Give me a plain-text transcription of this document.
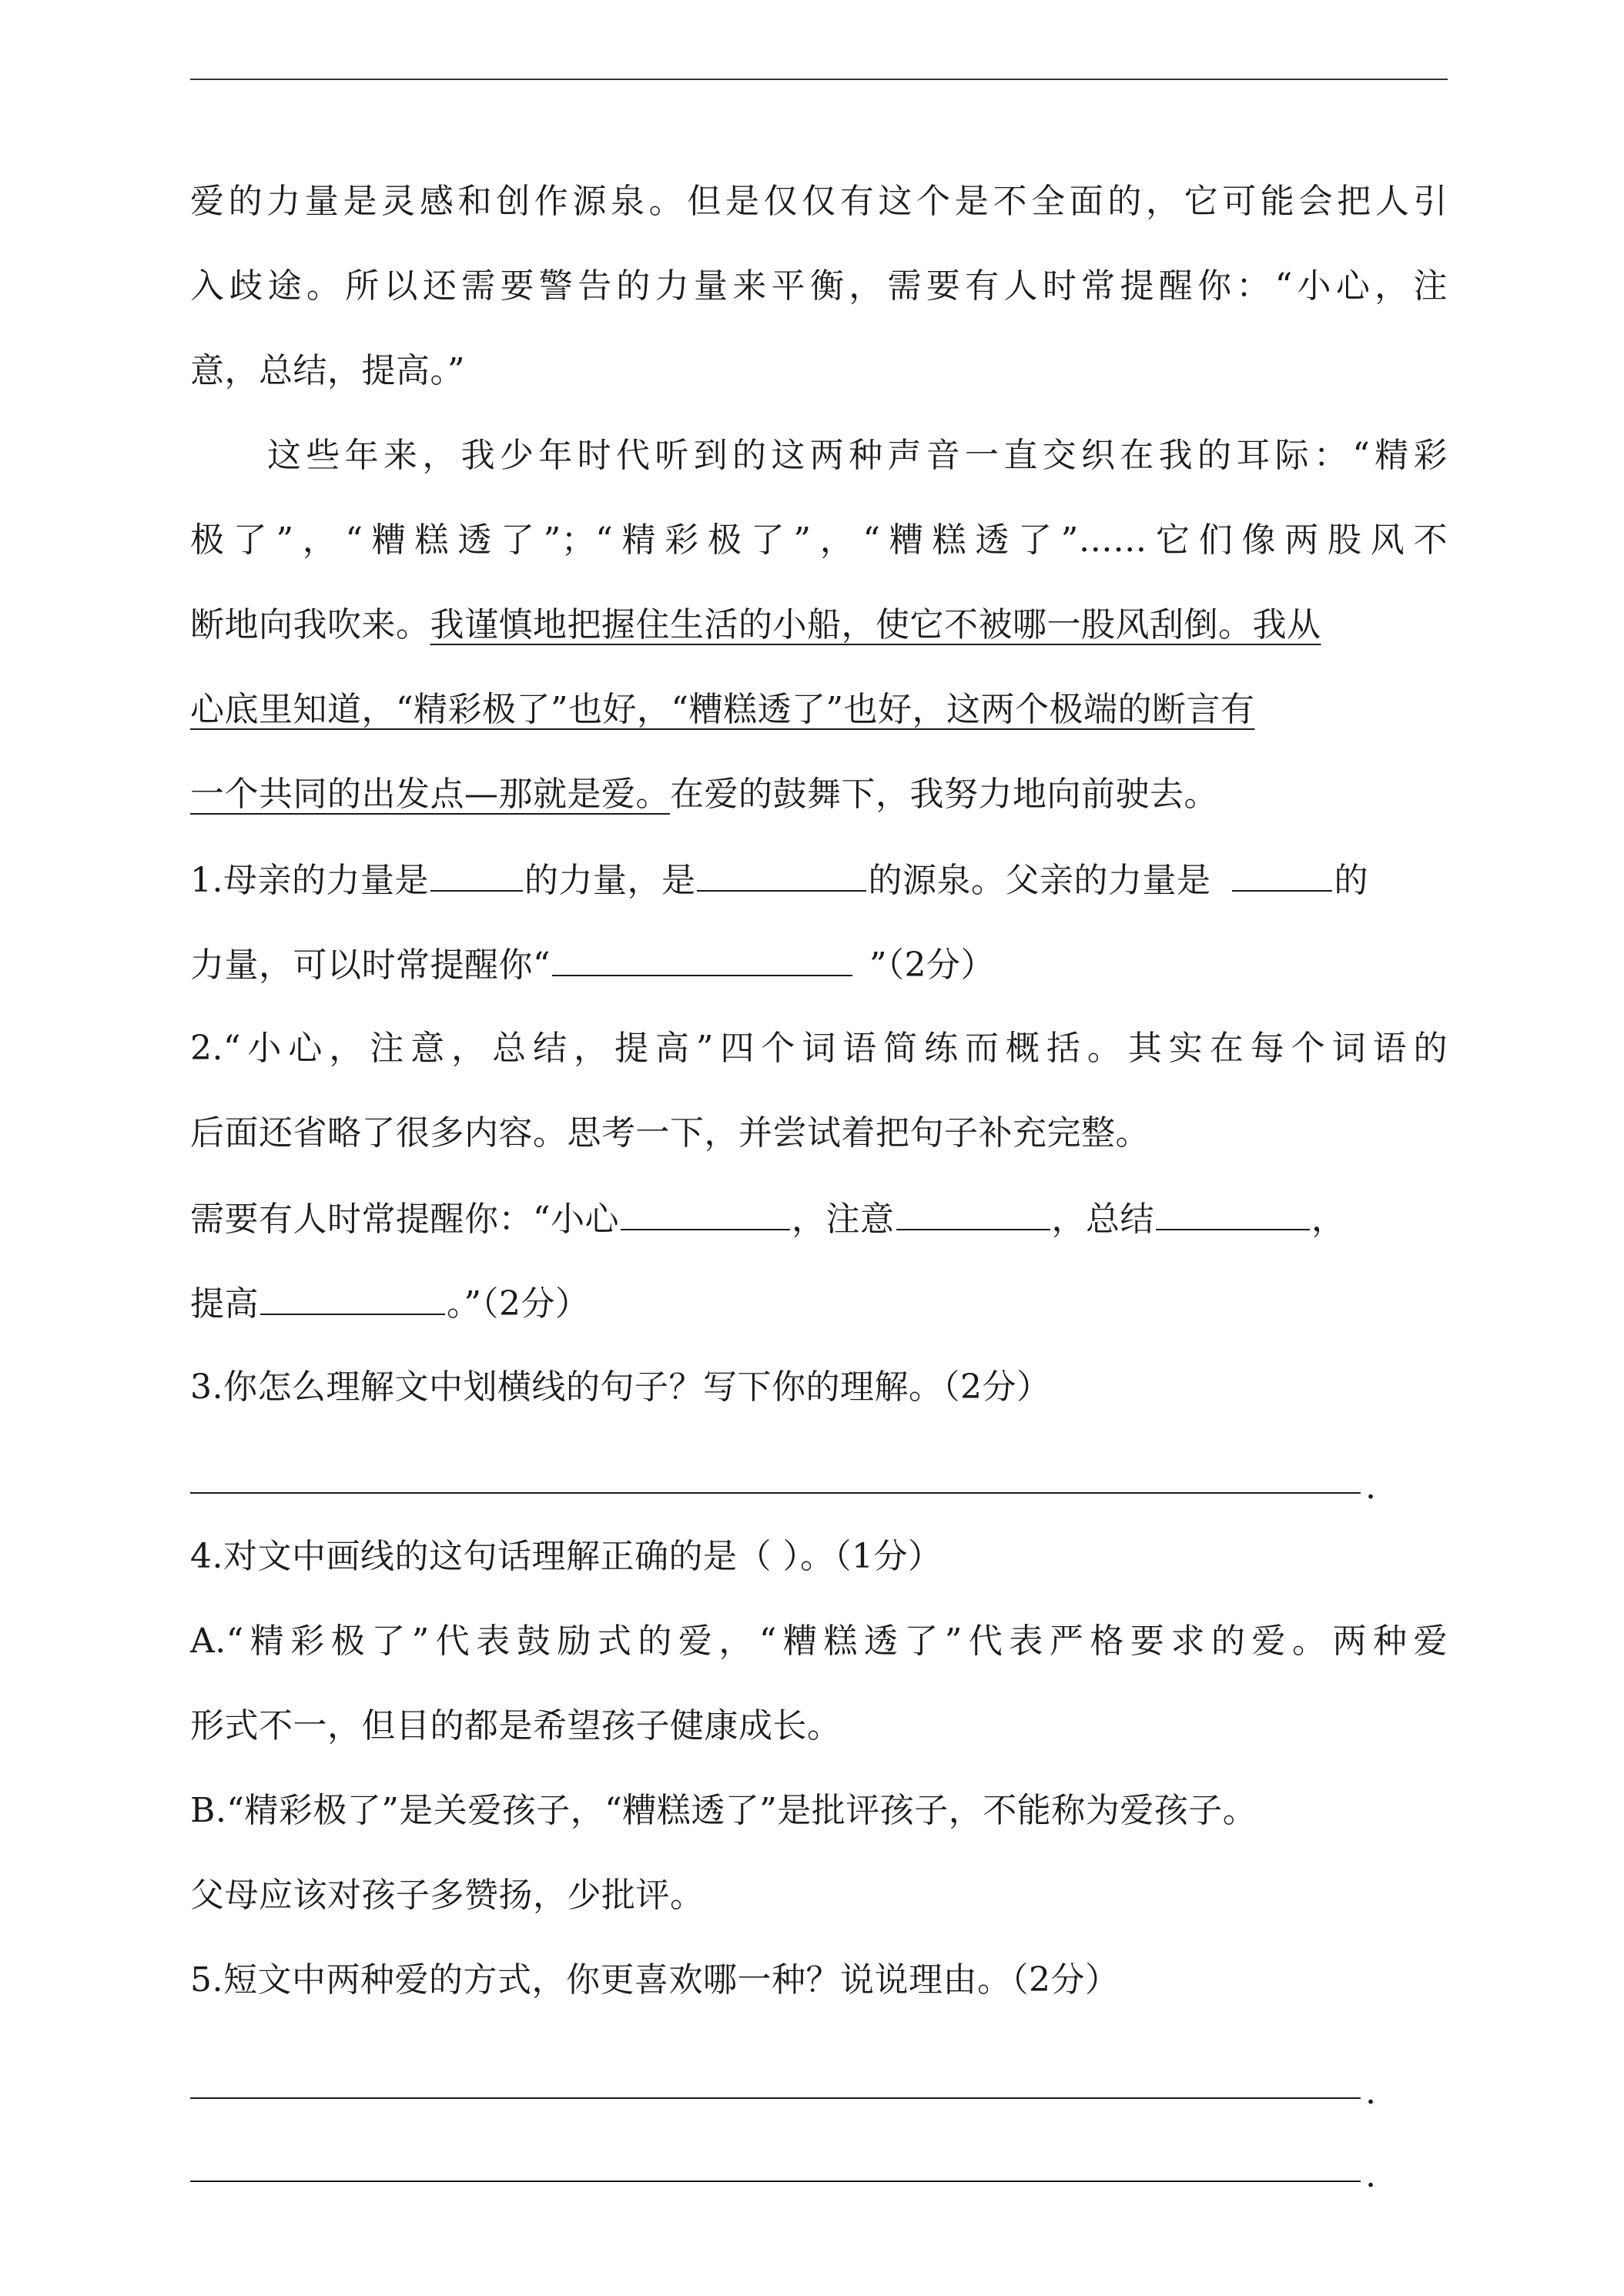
爱的力量是灵感和创作源泉。但是仅仅有这个是不全面的，它可能会把人引
入歧途。所以还需要警告的力量来平衡，需要有人时常提醒你：“小心，注
意，总结，提高。”
这些年来，我少年时代听到的这两种声音一直交织在我的耳际：“精彩
极了”，“糟糕透了”；“精彩极了”，“糟糕透了”……它们像两股风不
断地向我吹来。我谨慎地把握住生活的小船，使它不被哪一股风刮倒。我从
心底里知道，“精彩极了”也好，“糟糕透了”也好，这两个极端的断言有
一个共同的出发点—那就是爱。在爱的鼓舞下，我努力地向前驶去。
1.母亲的力量是	的力量，是	的源泉。父亲的力量是	的
力量，可以时常提醒你“	”（2分）
2.“小心，注意，总结，提高”四个词语简练而概括。其实在每个词语的
后面还省略了很多内容。思考一下，并尝试着把句子补充完整。
需要有人时常提醒你：“小心	，注意	，总结	，
提高	。”（2分）
3.你怎么理解文中划横线的句子？写下你的理解。（2分）
.
4.对文中画线的这句话理解正确的是（ ）。（1分）
A.“精彩极了”代表鼓励式的爱，“糟糕透了”代表严格要求的爱。两种爱
形式不一，但目的都是希望孩子健康成长。
B.“精彩极了”是关爱孩子，“糟糕透了”是批评孩子，不能称为爱孩子。
父母应该对孩子多赞扬，少批评。
5.短文中两种爱的方式，你更喜欢哪一种？说说理由。（2分）
.
.
